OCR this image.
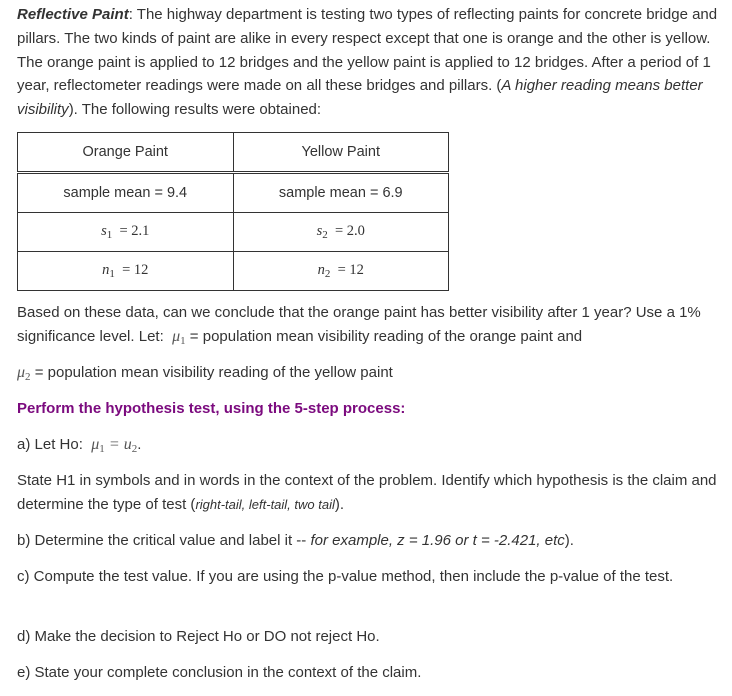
Reflective Paint: The highway department is testing two types of reflecting paints for concrete bridge and pillars. The two kinds of paint are alike in every respect except that one is orange and the other is yellow. The orange paint is applied to 12 bridges and the yellow paint is applied to 12 bridges. After a period of 1 year, reflectometer readings were made on all these bridges and pillars. (A higher reading means better visibility). The following results were obtained:

Orange Paint	Yellow Paint
sample mean = 9.4	sample mean = 6.9
$s_1 = 2.1$	$s_2 = 2.0$
$n_1 = 12$	$n_2 = 12$

Based on these data, can we conclude that the orange paint has better visibility after 1 year? Use a 1% significance level. Let: $\mu_1$ = population mean visibility reading of the orange paint and

$\mu_2$ = population mean visibility reading of the yellow paint

Perform the hypothesis test, using the 5-step process:

a) Let Ho: $\mu_1 = u_2$.

State H1 in symbols and in words in the context of the problem. Identify which hypothesis is the claim and determine the type of test (right-tail, left-tail, two tail).

b) Determine the critical value and label it -- for example, z = 1.96 or t = -2.421, etc).

c) Compute the test value. If you are using the p-value method, then include the p-value of the test.

d) Make the decision to Reject Ho or DO not reject Ho.

e) State your complete conclusion in the context of the claim.
